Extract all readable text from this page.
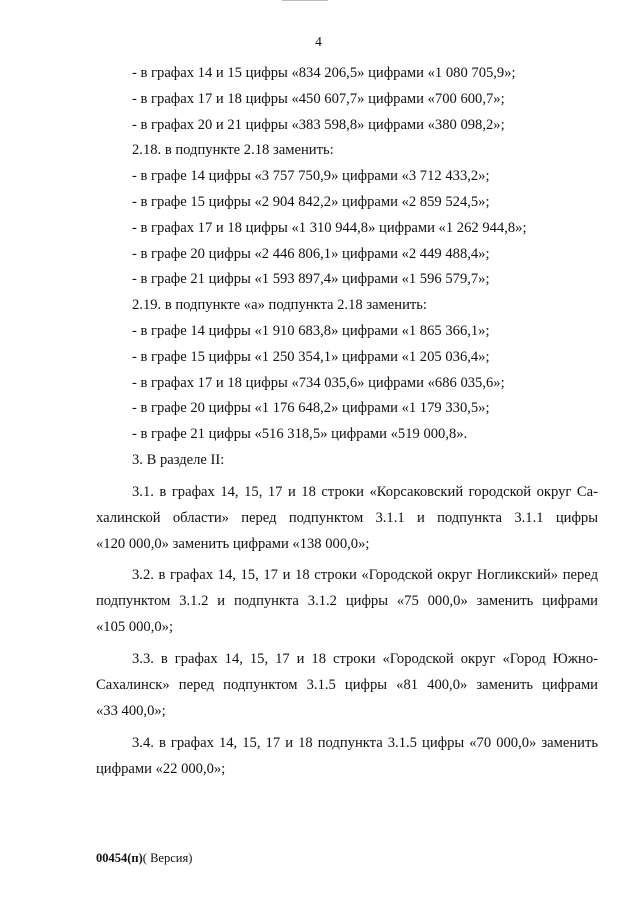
4
- в графах 14 и 15 цифры «834 206,5» цифрами «1 080 705,9»;
- в графах 17 и 18 цифры «450 607,7» цифрами «700 600,7»;
- в графах 20 и 21 цифры «383 598,8» цифрами «380 098,2»;
2.18. в подпункте 2.18 заменить:
- в графе 14 цифры «3 757 750,9» цифрами «3 712 433,2»;
- в графе 15 цифры «2 904 842,2» цифрами «2 859 524,5»;
- в графах 17 и 18 цифры «1 310 944,8» цифрами «1 262 944,8»;
- в графе 20 цифры «2 446 806,1» цифрами «2 449 488,4»;
- в графе 21 цифры «1 593 897,4» цифрами «1 596 579,7»;
2.19. в подпункте «а» подпункта 2.18 заменить:
- в графе 14 цифры «1 910 683,8» цифрами «1 865 366,1»;
- в графе 15 цифры «1 250 354,1» цифрами «1 205 036,4»;
- в графах 17 и 18 цифры «734 035,6» цифрами «686 035,6»;
- в графе 20 цифры «1 176 648,2» цифрами «1 179 330,5»;
- в графе 21 цифры «516 318,5» цифрами «519 000,8».
3. В разделе II:
3.1. в графах 14, 15, 17 и 18 строки «Корсаковский городской округ Са-
халинской области» перед подпунктом 3.1.1 и подпункта 3.1.1 цифры
«120 000,0» заменить цифрами «138 000,0»;
3.2. в графах 14, 15, 17 и 18 строки «Городской округ Ногликский» перед
подпунктом 3.1.2 и подпункта 3.1.2 цифры «75 000,0» заменить цифрами
«105 000,0»;
3.3. в графах 14, 15, 17 и 18 строки «Городской округ «Город Южно-
Сахалинск» перед подпунктом 3.1.5 цифры «81 400,0» заменить цифрами
«33 400,0»;
3.4. в графах 14, 15, 17 и 18 подпункта 3.1.5 цифры «70 000,0» заменить
цифрами «22 000,0»;
00454(п)( Версия)
